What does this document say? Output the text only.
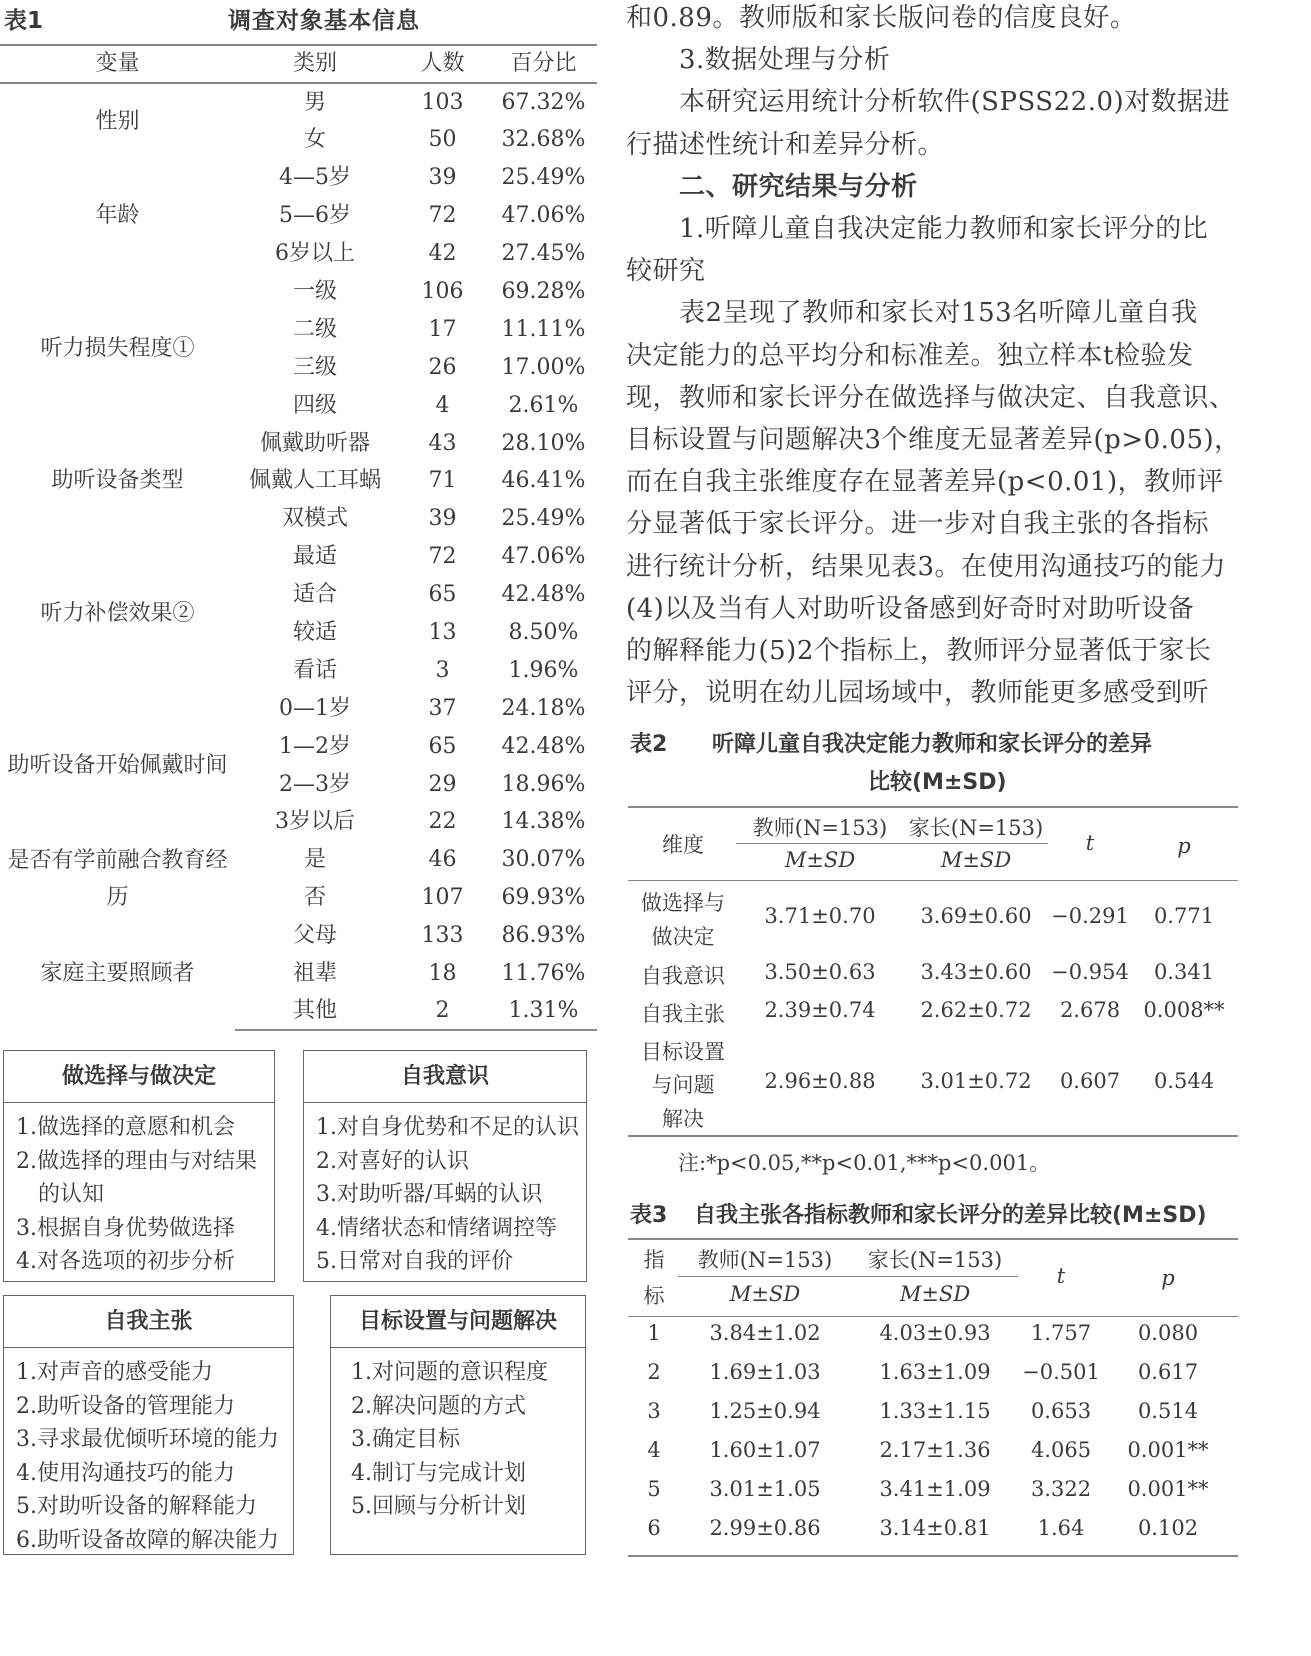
表1	调查对象基本信息
变量	类别	人数	百分比
性别	男	103	67.32%
	女	50	32.68%
年龄	4—5岁	39	25.49%
	5—6岁	72	47.06%
	6岁以上	42	27.45%
听力损失程度①	一级	106	69.28%
	二级	17	11.11%
	三级	26	17.00%
	四级	4	2.61%
助听设备类型	佩戴助听器	43	28.10%
	佩戴人工耳蜗	71	46.41%
	双模式	39	25.49%
听力补偿效果②	最适	72	47.06%
	适合	65	42.48%
	较适	13	8.50%
	看话	3	1.96%
助听设备开始佩戴时间	0—1岁	37	24.18%
	1—2岁	65	42.48%
	2—3岁	29	18.96%
	3岁以后	22	14.38%
是否有学前融合教育经历	是	46	30.07%
	否	107	69.93%
家庭主要照顾者	父母	133	86.93%
	祖辈	18	11.76%
	其他	2	1.31%
做选择与做决定
1.做选择的意愿和机会
2.做选择的理由与对结果
　的认知
3.根据自身优势做选择
4.对各选项的初步分析
自我意识
1.对自身优势和不足的认识
2.对喜好的认识
3.对助听器/耳蜗的认识
4.情绪状态和情绪调控等
5.日常对自我的评价
自我主张
1.对声音的感受能力
2.助听设备的管理能力
3.寻求最优倾听环境的能力
4.使用沟通技巧的能力
5.对助听设备的解释能力
6.助听设备故障的解决能力
目标设置与问题解决
1.对问题的意识程度
2.解决问题的方式
3.确定目标
4.制订与完成计划
5.回顾与分析计划
和0.89。教师版和家长版问卷的信度良好。
　　3.数据处理与分析
　　本研究运用统计分析软件(SPSS22.0)对数据进
行描述性统计和差异分析。
　　二、研究结果与分析
　　1.听障儿童自我决定能力教师和家长评分的比
较研究
　　表2呈现了教师和家长对153名听障儿童自我
决定能力的总平均分和标准差。独立样本t检验发
现，教师和家长评分在做选择与做决定、自我意识、
目标设置与问题解决3个维度无显著差异(p>0.05)，
而在自我主张维度存在显著差异(p<0.01)，教师评
分显著低于家长评分。进一步对自我主张的各指标
进行统计分析，结果见表3。在使用沟通技巧的能力
(4)以及当有人对助听设备感到好奇时对助听设备
的解释能力(5)2个指标上，教师评分显著低于家长
评分，说明在幼儿园场域中，教师能更多感受到听
表2 听障儿童自我决定能力教师和家长评分的差异
比较(M±SD)
维度
教师(N=153) 家长(N=153)
M±SD	M±SD
t	p
做选择与
做决定
3.71±0.70 3.69±0.60 −0.291 0.771
自我意识 3.50±0.63 3.43±0.60 −0.954 0.341
自我主张 2.39±0.74 2.62±0.72 2.678 0.008**
目标设置
与问题
解决
2.96±0.88 3.01±0.72 0.607 0.544
注:*p<0.05,**p<0.01,***p<0.001。
表3 自我主张各指标教师和家长评分的差异比较(M±SD)
指
标
教师(N=153) 家长(N=153)
M±SD	M±SD
t	p
1 3.84±1.02	4.03±0.93 1.757 0.080
2 1.69±1.03	1.63±1.09 −0.501 0.617
3 1.25±0.94	1.33±1.15 0.653 0.514
4 1.60±1.07	2.17±1.36 4.065 0.001**
5 3.01±1.05	3.41±1.09 3.322 0.001**
6 2.99±0.86	3.14±0.81 1.64	0.102
